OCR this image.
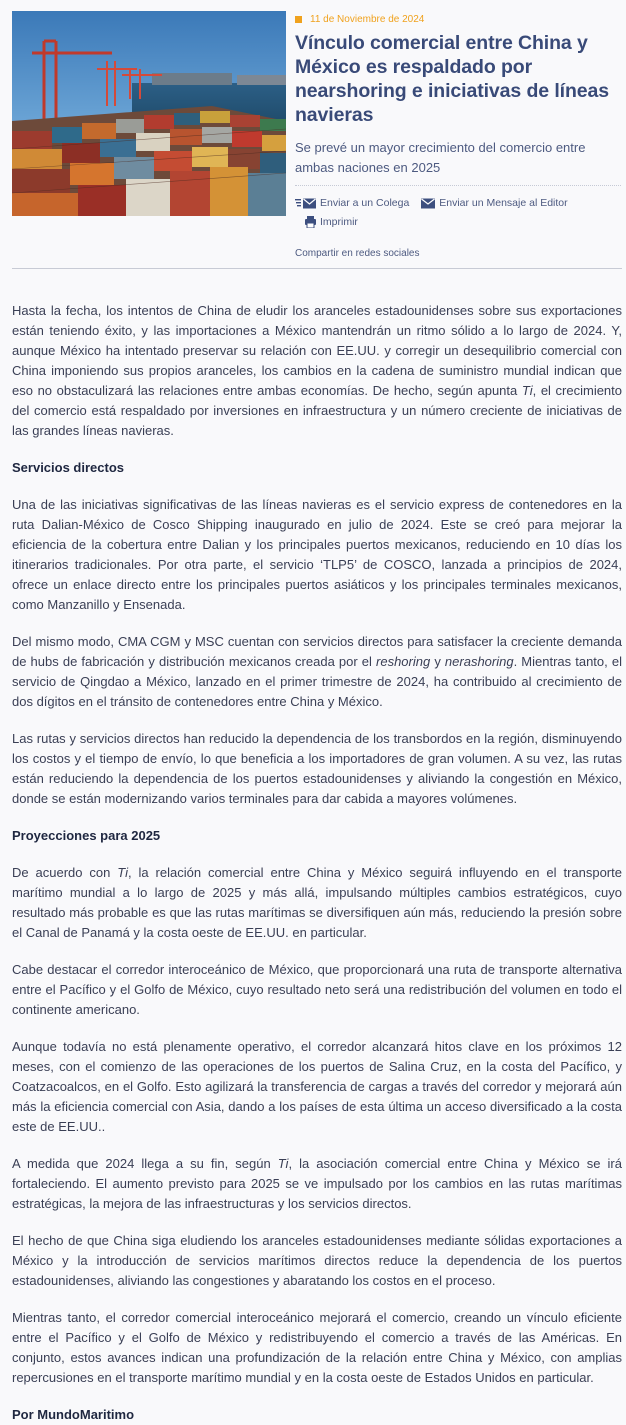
11 de Noviembre de 2024
Vínculo comercial entre China y México es respaldado por nearshoring e iniciativas de líneas navieras

Se prevé un mayor crecimiento del comercio entre ambas naciones en 2025

Enviar a un Colega
	Enviar un Mensaje al Editor
Imprimir
Compartir en redes sociales

Hasta la fecha, los intentos de China de eludir los aranceles estadounidenses sobre sus exportaciones están teniendo éxito, y las importaciones a México mantendrán un ritmo sólido a lo largo de 2024. Y, aunque México ha intentado preservar su relación con EE.UU. y corregir un desequilibrio comercial con China imponiendo sus propios aranceles, los cambios en la cadena de suministro mundial indican que eso no obstaculizará las relaciones entre ambas economías. De hecho, según apunta Ti, el crecimiento del comercio está respaldado por inversiones en infraestructura y un número creciente de iniciativas de las grandes líneas navieras.

Servicios directos

Una de las iniciativas significativas de las líneas navieras es el servicio express de contenedores en la ruta Dalian-México de Cosco Shipping inaugurado en julio de 2024. Este se creó para mejorar la eficiencia de la cobertura entre Dalian y los principales puertos mexicanos, reduciendo en 10 días los itinerarios tradicionales. Por otra parte, el servicio ‘TLP5’ de COSCO, lanzada a principios de 2024, ofrece un enlace directo entre los principales puertos asiáticos y los principales terminales mexicanos, como Manzanillo y Ensenada.

Del mismo modo, CMA CGM y MSC cuentan con servicios directos para satisfacer la creciente demanda de hubs de fabricación y distribución mexicanos creada por el reshoring y nerashoring. Mientras tanto, el servicio de Qingdao a México, lanzado en el primer trimestre de 2024, ha contribuido al crecimiento de dos dígitos en el tránsito de contenedores entre China y México.

Las rutas y servicios directos han reducido la dependencia de los transbordos en la región, disminuyendo los costos y el tiempo de envío, lo que beneficia a los importadores de gran volumen. A su vez, las rutas están reduciendo la dependencia de los puertos estadounidenses y aliviando la congestión en México, donde se están modernizando varios terminales para dar cabida a mayores volúmenes.

Proyecciones para 2025

De acuerdo con Ti, la relación comercial entre China y México seguirá influyendo en el transporte marítimo mundial a lo largo de 2025 y más allá, impulsando múltiples cambios estratégicos, cuyo resultado más probable es que las rutas marítimas se diversifiquen aún más, reduciendo la presión sobre el Canal de Panamá y la costa oeste de EE.UU. en particular.

Cabe destacar el corredor interoceánico de México, que proporcionará una ruta de transporte alternativa entre el Pacífico y el Golfo de México, cuyo resultado neto será una redistribución del volumen en todo el continente americano.

Aunque todavía no está plenamente operativo, el corredor alcanzará hitos clave en los próximos 12 meses, con el comienzo de las operaciones de los puertos de Salina Cruz, en la costa del Pacífico, y Coatzacoalcos, en el Golfo. Esto agilizará la transferencia de cargas a través del corredor y mejorará aún más la eficiencia comercial con Asia, dando a los países de esta última un acceso diversificado a la costa este de EE.UU..

A medida que 2024 llega a su fin, según Ti, la asociación comercial entre China y México se irá fortaleciendo. El aumento previsto para 2025 se ve impulsado por los cambios en las rutas marítimas estratégicas, la mejora de las infraestructuras y los servicios directos.

El hecho de que China siga eludiendo los aranceles estadounidenses mediante sólidas exportaciones a México y la introducción de servicios marítimos directos reduce la dependencia de los puertos estadounidenses, aliviando las congestiones y abaratando los costos en el proceso.

Mientras tanto, el corredor comercial interoceánico mejorará el comercio, creando un vínculo eficiente entre el Pacífico y el Golfo de México y redistribuyendo el comercio a través de las Américas. En conjunto, estos avances indican una profundización de la relación entre China y México, con amplias repercusiones en el transporte marítimo mundial y en la costa oeste de Estados Unidos en particular.

Por MundoMaritimo
